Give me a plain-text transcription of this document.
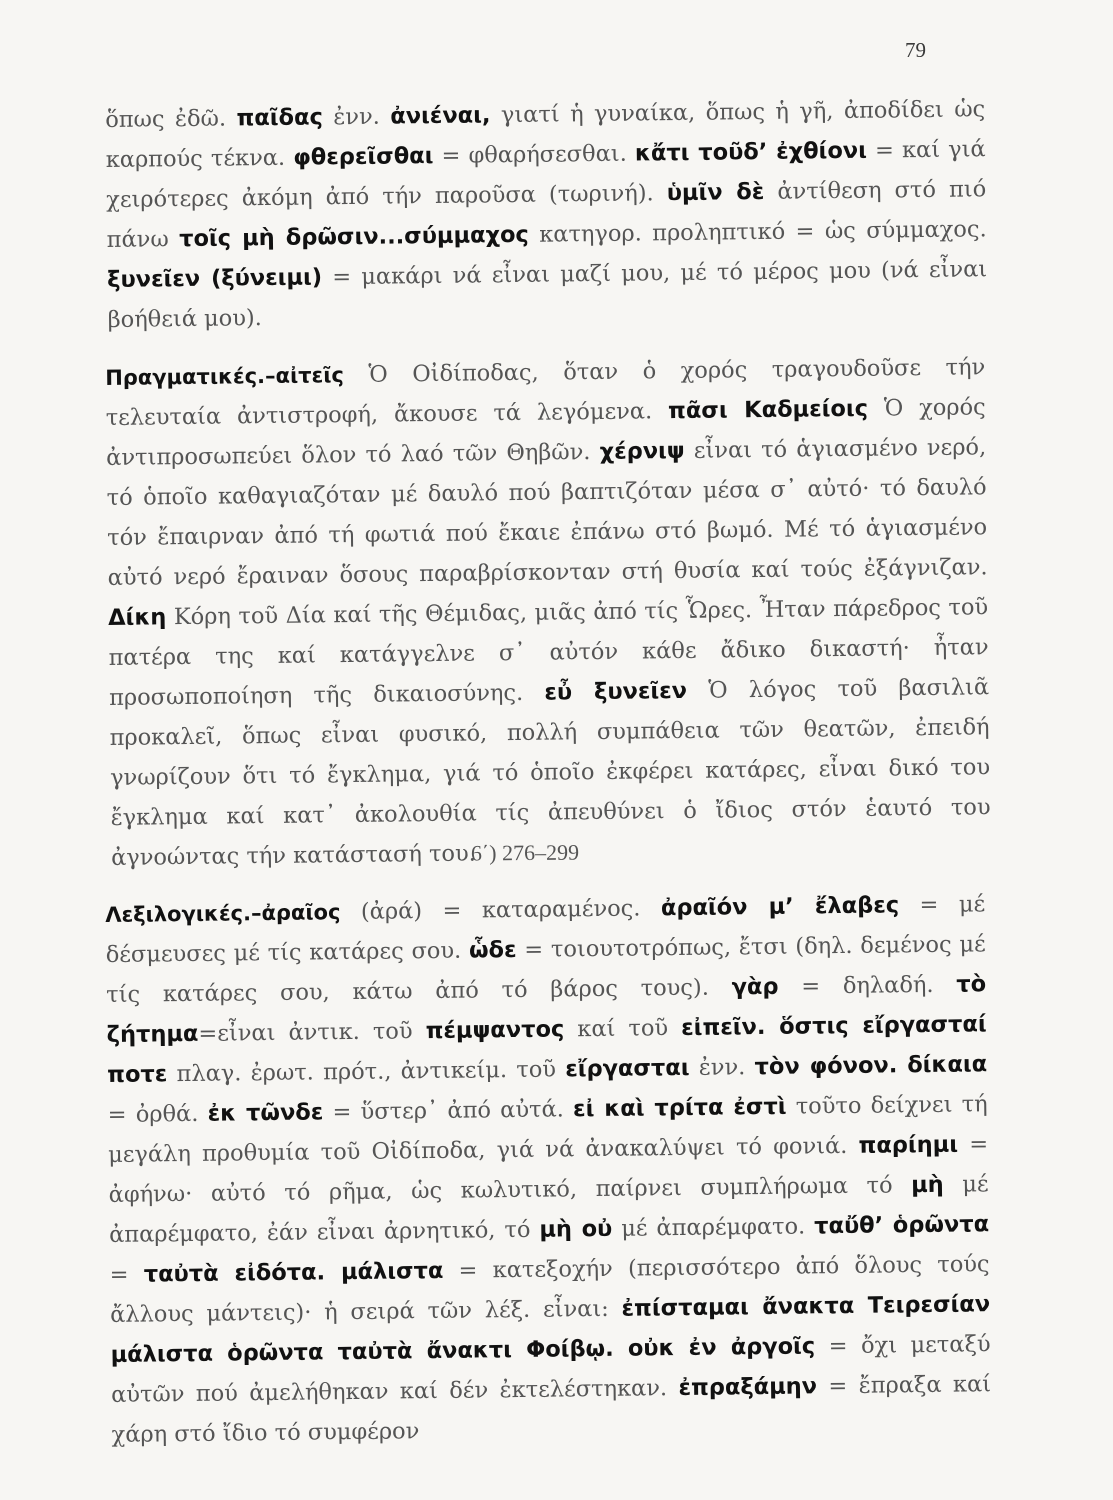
79
ὅπως ἐδῶ. παῖδας ἐνν. ἀνιέναι, γιατί ἡ γυναίκα, ὅπως ἡ γῆ, ἀποδίδει ὡς καρπούς τέκνα. φθερεῖσθαι = φθαρήσεσθαι. κἄτι τοῦδ’ ἐχθίονι = καί γιά χειρότερες ἀκόμη ἀπό τήν παροῦσα (τωρινή). ὑμῖν δὲ ἀντίθεση στό πιό πάνω τοῖς μὴ δρῶσιν...σύμμαχος κατηγορ. προληπτικό = ὡς σύμμαχος. ξυνεῖεν (ξύνειμι) = μακάρι νά εἶναι μαζί μου, μέ τό μέρος μου (νά εἶναι βοήθειά μου).
Πραγματικές.–αἰτεῖς Ὁ Οἰδίποδας, ὅταν ὁ χορός τραγουδοῦσε τήν τελευταία ἀντιστροφή, ἄκουσε τά λεγόμενα. πᾶσι Καδμείοις Ὁ χορός ἀντιπροσωπεύει ὅλον τό λαό τῶν Θηβῶν. χέρνιψ εἶναι τό ἁγιασμένο νερό, τό ὁποῖο καθαγιαζόταν μέ δαυλό πού βαπτιζόταν μέσα σ᾽ αὐτό· τό δαυλό τόν ἔπαιρναν ἀπό τή φωτιά πού ἔκαιε ἐπάνω στό βωμό. Μέ τό ἁγιασμένο αὐτό νερό ἔραιναν ὅσους παραβρίσκονταν στή θυσία καί τούς ἐξάγνιζαν. Δίκη Κόρη τοῦ Δία καί τῆς Θέμιδας, μιᾶς ἀπό τίς Ὧρες. Ἦταν πάρεδρος τοῦ πατέρα της καί κατάγγελνε σ᾽ αὐτόν κάθε ἄδικο δικαστή· ἦταν προσωποποίηση τῆς δικαιοσύνης. εὖ ξυνεῖεν Ὁ λόγος τοῦ βασιλιᾶ προκαλεῖ, ὅπως εἶναι φυσικό, πολλή συμπάθεια τῶν θεατῶν, ἐπειδή γνωρίζουν ὅτι τό ἔγκλημα, γιά τό ὁποῖο ἐκφέρει κατάρες, εἶναι δικό του ἔγκλημα καί κατ᾽ ἀκολουθία τίς ἀπευθύνει ὁ ἴδιος στόν ἑαυτό του ἀγνοώντας τήν κατάστασή του.
6΄) 276–299
Λεξιλογικές.–ἀραῖος (ἀρά) = καταραμένος. ἀραῖόν μ’ ἔλαβες = μέ δέσμευσες μέ τίς κατάρες σου. ὧδε = τοιουτοτρόπως, ἔτσι (δηλ. δεμένος μέ τίς κατάρες σου, κάτω ἀπό τό βάρος τους). γὰρ = δηλαδή. τὸ ζήτημα=εἶναι ἀντικ. τοῦ πέμψαντος καί τοῦ εἰπεῖν. ὅστις εἴργασταί ποτε πλαγ. ἐρωτ. πρότ., ἀντικείμ. τοῦ εἴργασται ἐνν. τὸν φόνον. δίκαια = ὀρθά. ἐκ τῶνδε = ὕστερ᾽ ἀπό αὐτά. εἰ καὶ τρίτα ἐστὶ τοῦτο δείχνει τή μεγάλη προθυμία τοῦ Οἰδίποδα, γιά νά ἀνακαλύψει τό φονιά. παρίημι = ἀφήνω· αὐτό τό ρῆμα, ὡς κωλυτικό, παίρνει συμπλήρωμα τό μὴ μέ ἀπαρέμφατο, ἐάν εἶναι ἀρνητικό, τό μὴ οὐ μέ ἀπαρέμφατο. ταὔθ’ ὁρῶντα = ταὐτὰ εἰδότα. μάλιστα = κατεξοχήν (περισσότερο ἀπό ὅλους τούς ἄλλους μάντεις)· ἡ σειρά τῶν λέξ. εἶναι: ἐπίσταμαι ἄνακτα Τειρεσίαν μάλιστα ὁρῶντα ταὐτὰ ἄνακτι Φοίβῳ. οὐκ ἐν ἀργοῖς = ὄχι μεταξύ αὐτῶν πού ἀμελήθηκαν καί δέν ἐκτελέστηκαν. ἐπραξάμην = ἔπραξα καί χάρη στό ἴδιο τό συμφέρον
